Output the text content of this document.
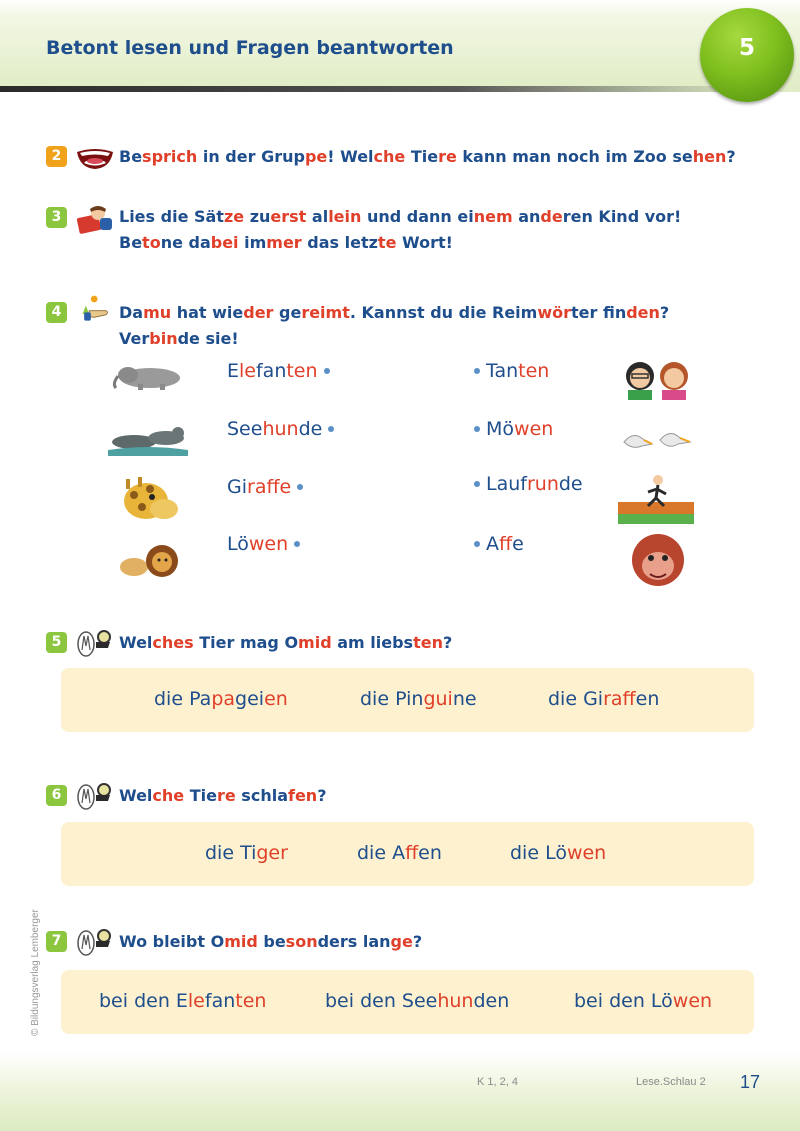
Betont lesen und Fragen beantworten	5
2	Besprich in der Gruppe! Welche Tiere kann man noch im Zoo sehen?
3	Lies die Sätze zuerst allein und dann einem anderen Kind vor!
Betone dabei immer das letzte Wort!
4	Damu hat wieder gereimt. Kannst du die Reimwörter finden?
Verbinde sie!
Elefanten
Seehunde
Giraffe
Löwen
Tanten
Möwen
Laufrunde
Affe
5	Welches Tier mag Omid am liebsten?
die Papageien	die Pinguine	die Giraffen
6	Welche Tiere schlafen?
die Tiger	die Affen	die Löwen
7	Wo bleibt Omid besonders lange?
bei den Elefanten	bei den Seehunden	bei den Löwen
© Bildungsverlag Lemberger
K 1, 2, 4	Lese.Schlau 2 17
